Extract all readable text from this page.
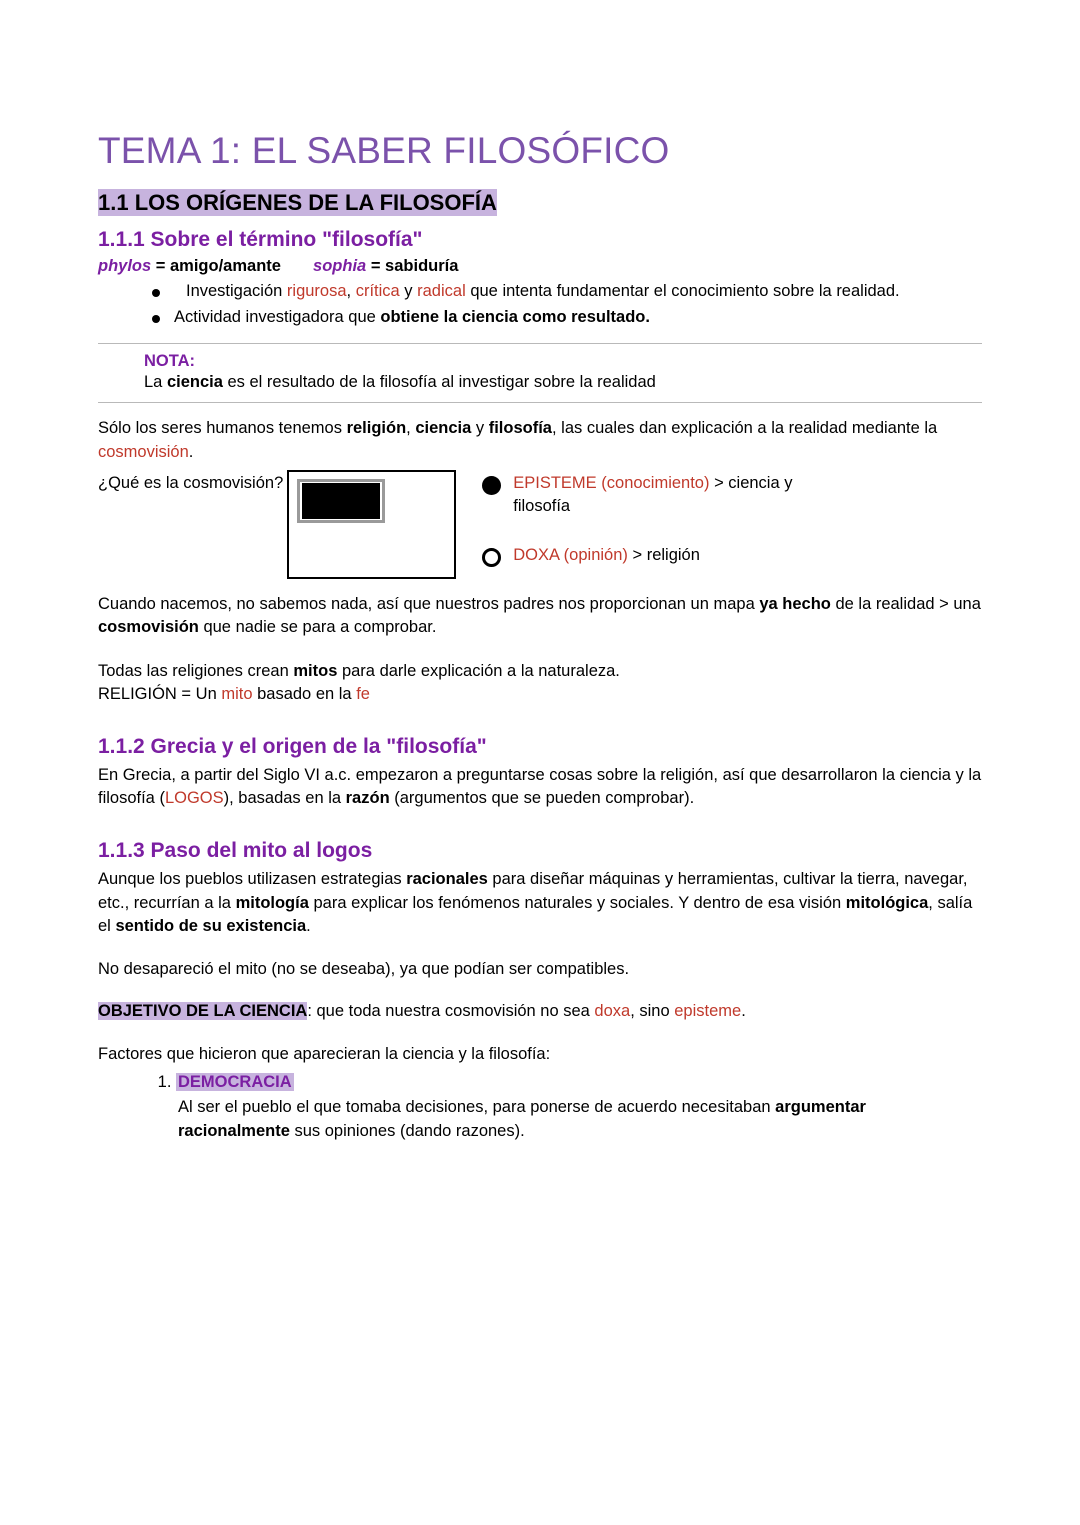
TEMA 1: EL SABER FILOSÓFICO
1.1 LOS ORÍGENES DE LA FILOSOFÍA
1.1.1 Sobre el término "filosofía"
phylos = amigo/amante sophia = sabiduría
Investigación rigurosa, crítica y radical que intenta fundamentar el conocimiento sobre la realidad.
Actividad investigadora que obtiene la ciencia como resultado.
NOTA:
La ciencia es el resultado de la filosofía al investigar sobre la realidad

Sólo los seres humanos tenemos religión, ciencia y filosofía, las cuales dan explicación a la realidad mediante la cosmovisión.

¿Qué es la cosmovisión?	EPISTEME (conocimiento) > ciencia y filosofía
DOXA (opinión) > religión

Cuando nacemos, no sabemos nada, así que nuestros padres nos proporcionan un mapa ya hecho de la realidad > una cosmovisión que nadie se para a comprobar.

Todas las religiones crean mitos para darle explicación a la naturaleza.

RELIGIÓN = Un mito basado en la fe

1.1.2 Grecia y el origen de la "filosofía"

En Grecia, a partir del Siglo VI a.c. empezaron a preguntarse cosas sobre la religión, así que desarrollaron la ciencia y la filosofía (LOGOS), basadas en la razón (argumentos que se pueden comprobar).

1.1.3 Paso del mito al logos

Aunque los pueblos utilizasen estrategias racionales para diseñar máquinas y herramientas, cultivar la tierra, navegar, etc., recurrían a la mitología para explicar los fenómenos naturales y sociales. Y dentro de esa visión mitológica, salía el sentido de su existencia.

No desapareció el mito (no se deseaba), ya que podían ser compatibles.

OBJETIVO DE LA CIENCIA: que toda nuestra cosmovisión no sea doxa, sino episteme.

Factores que hicieron que aparecieran la ciencia y la filosofía:

1. DEMOCRACIA
Al ser el pueblo el que tomaba decisiones, para ponerse de acuerdo necesitaban argumentar racionalmente sus opiniones (dando razones).
